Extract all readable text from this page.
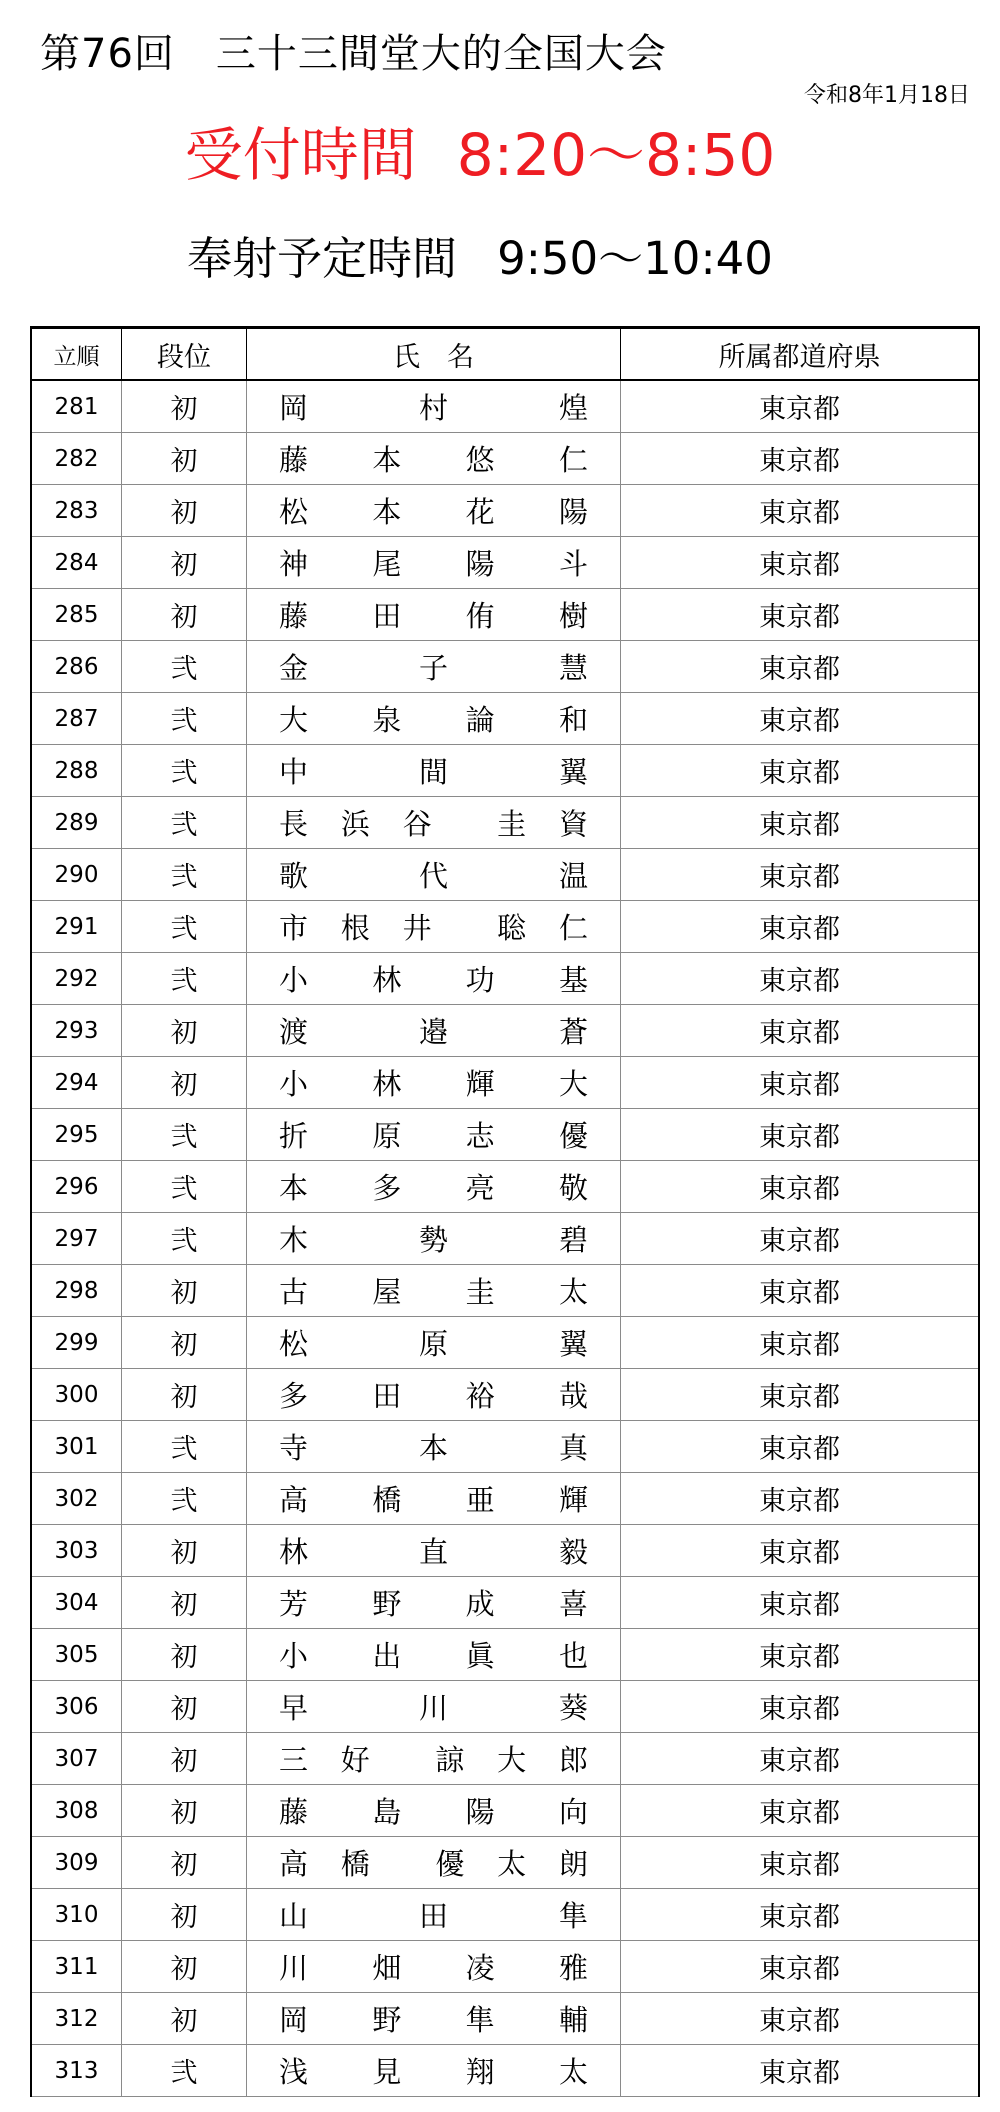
第76回　三十三間堂大的全国大会
令和8年1月18日
受付時間 8:20～8:50
奉射予定時間 9:50～10:40
立順	段位	氏　名	所属都道府県
281	初	岡 村 煌	東京都
282	初	藤 本 悠 仁	東京都
283	初	松 本 花 陽	東京都
284	初	神 尾 陽 斗	東京都
285	初	藤 田 侑 樹	東京都
286	弐	金 子 慧	東京都
287	弐	大 泉 論 和	東京都
288	弐	中 間 翼	東京都
289	弐	長 浜 谷 圭 資	東京都
290	弐	歌 代 温	東京都
291	弐	市 根 井 聡 仁	東京都
292	弐	小 林 功 基	東京都
293	初	渡 邉 蒼	東京都
294	初	小 林 輝 大	東京都
295	弐	折 原 志 優	東京都
296	弐	本 多 亮 敬	東京都
297	弐	木 勢 碧	東京都
298	初	古 屋 圭 太	東京都
299	初	松 原 翼	東京都
300	初	多 田 裕 哉	東京都
301	弐	寺 本 真	東京都
302	弐	高 橋 亜 輝	東京都
303	初	林 直 毅	東京都
304	初	芳 野 成 喜	東京都
305	初	小 出 眞 也	東京都
306	初	早 川 葵	東京都
307	初	三 好 諒 大 郎	東京都
308	初	藤 島 陽 向	東京都
309	初	高 橋 優 太 朗	東京都
310	初	山 田 隼	東京都
311	初	川 畑 凌 雅	東京都
312	初	岡 野 隼 輔	東京都
313	弐	浅 見 翔 太	東京都
